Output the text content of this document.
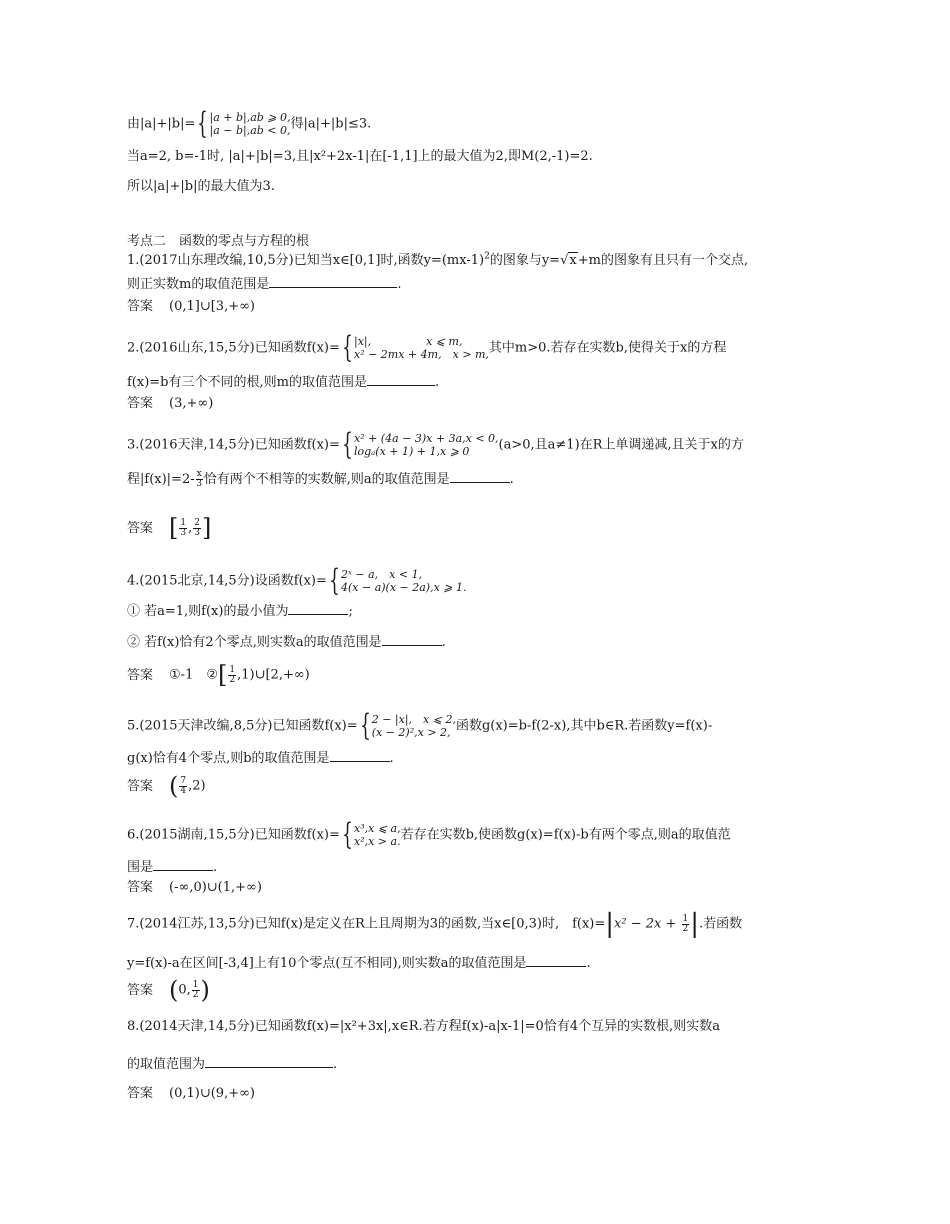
由|a|+|b|={ |a + b|,ab ⩾ 0,
|a − b|,ab < 0, 得|a|+|b|≤3.
当a=2, b=-1时, |a|+|b|=3,且|x²+2x-1|在[-1,1]上的最大值为2,即M(2,-1)=2.
所以|a|+|b|的最大值为3.
考点二　函数的零点与方程的根
1.(2017山东理改编,10,5分)已知当x∈[0,1]时,函数$y=(mx-1)^2$的图象与y=√x+m的图象有且只有一个交点,
则正实数m的取值范围是	.
答案 (0,1]∪[3,+∞)
2.(2016山东,15,5分)已知函数f(x)={ |x|,　　　　　x ⩽ m,
x² − 2mx + 4m,　x > m, 其中m>0.若存在实数b,使得关于x的方程
f(x)=b有三个不同的根,则m的取值范围是	.
答案 (3,+∞)
3.(2016天津,14,5分)已知函数f(x)={ x² + (4a − 3)x + 3a,x < 0,
logₐ(x + 1) + 1,x ⩾ 0	(a>0,且a≠1)在R上单调递减,且关于x的方
程$|f(x)|=2- \frac{x}{3}$ 恰有两个不相等的实数解,则a的取值范围是	.
答案 [ $\frac{1}{3}$ , $\frac{2}{3}$ ]
4.(2015北京,14,5分)设函数f(x)={ 2ˣ − a,　x < 1,
4(x − a)(x − 2a),x ⩾ 1.
① 若a=1,则f(x)的最小值为	;
② 若f(x)恰有2个零点,则实数a的取值范围是	.
答案 ①-1　②[ $\frac{1}{2}$ ,1)∪[2,+∞)
5.(2015天津改编,8,5分)已知函数f(x)={ 2 − |x|,　x ⩽ 2,
(x − 2)²,x > 2, 函数g(x)=b-f(2-x),其中b∈R.若函数y=f(x)-
g(x)恰有4个零点,则b的取值范围是	.
答案 ( $\frac{7}{4} ,2$)
6.(2015湖南,15,5分)已知函数f(x)={ x³,x ⩽ a,
x²,x > a. 若存在实数b,使函数g(x)=f(x)-b有两个零点,则a的取值范
围是	.
答案 (-∞,0)∪(1,+∞)
7.(2014江苏,13,5分)已知f(x)是定义在R上且周期为3的函数,当x∈[0,3)时,　$f(x)=|x^2 - 2x + \frac{1}{2}$ |.若函数
y=f(x)-a在区间[-3,4]上有10个零点(互不相同),则实数a的取值范围是	.
答案 (0, $\frac{1}{2}$ )
8.(2014天津,14,5分)已知函数f(x)=|x²+3x|,x∈R.若方程f(x)-a|x-1|=0恰有4个互异的实数根,则实数a
的取值范围为	.
答案 (0,1)∪(9,+∞)
